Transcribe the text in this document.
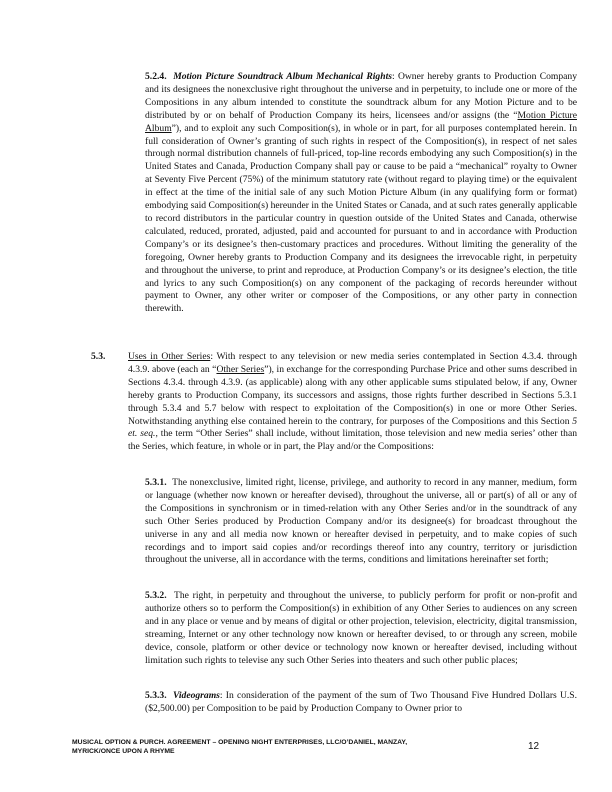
5.2.4. Motion Picture Soundtrack Album Mechanical Rights: Owner hereby grants to Production Company and its designees the nonexclusive right throughout the universe and in perpetuity, to include one or more of the Compositions in any album intended to constitute the soundtrack album for any Motion Picture and to be distributed by or on behalf of Production Company its heirs, licensees and/or assigns (the “Motion Picture Album”), and to exploit any such Composition(s), in whole or in part, for all purposes contemplated herein. In full consideration of Owner’s granting of such rights in respect of the Composition(s), in respect of net sales through normal distribution channels of full-priced, top-line records embodying any such Composition(s) in the United States and Canada, Production Company shall pay or cause to be paid a “mechanical” royalty to Owner at Seventy Five Percent (75%) of the minimum statutory rate (without regard to playing time) or the equivalent in effect at the time of the initial sale of any such Motion Picture Album (in any qualifying form or format) embodying said Composition(s) hereunder in the United States or Canada, and at such rates generally applicable to record distributors in the particular country in question outside of the United States and Canada, otherwise calculated, reduced, prorated, adjusted, paid and accounted for pursuant to and in accordance with Production Company’s or its designee’s then-customary practices and procedures. Without limiting the generality of the foregoing, Owner hereby grants to Production Company and its designees the irrevocable right, in perpetuity and throughout the universe, to print and reproduce, at Production Company’s or its designee’s election, the title and lyrics to any such Composition(s) on any component of the packaging of records hereunder without payment to Owner, any other writer or composer of the Compositions, or any other party in connection therewith.

5.3. Uses in Other Series: With respect to any television or new media series contemplated in Section 4.3.4. through 4.3.9. above (each an “Other Series”), in exchange for the corresponding Purchase Price and other sums described in Sections 4.3.4. through 4.3.9. (as applicable) along with any other applicable sums stipulated below, if any, Owner hereby grants to Production Company, its successors and assigns, those rights further described in Sections 5.3.1 through 5.3.4 and 5.7 below with respect to exploitation of the Composition(s) in one or more Other Series. Notwithstanding anything else contained herein to the contrary, for purposes of the Compositions and this Section 5 et. seq., the term “Other Series” shall include, without limitation, those television and new media series’ other than the Series, which feature, in whole or in part, the Play and/or the Compositions:

5.3.1. The nonexclusive, limited right, license, privilege, and authority to record in any manner, medium, form or language (whether now known or hereafter devised), throughout the universe, all or part(s) of all or any of the Compositions in synchronism or in timed-relation with any Other Series and/or in the soundtrack of any such Other Series produced by Production Company and/or its designee(s) for broadcast throughout the universe in any and all media now known or hereafter devised in perpetuity, and to make copies of such recordings and to import said copies and/or recordings thereof into any country, territory or jurisdiction throughout the universe, all in accordance with the terms, conditions and limitations hereinafter set forth;

5.3.2. The right, in perpetuity and throughout the universe, to publicly perform for profit or non-profit and authorize others so to perform the Composition(s) in exhibition of any Other Series to audiences on any screen and in any place or venue and by means of digital or other projection, television, electricity, digital transmission, streaming, Internet or any other technology now known or hereafter devised, to or through any screen, mobile device, console, platform or other device or technology now known or hereafter devised, including without limitation such rights to televise any such Other Series into theaters and such other public places;

5.3.3. Videograms: In consideration of the payment of the sum of Two Thousand Five Hundred Dollars U.S.($2,500.00) per Composition to be paid by Production Company to Owner prior to

MUSICAL OPTION & PURCH. AGREEMENT – OPENING NIGHT ENTERPRISES, LLC/O’DANIEL, MANZAY,
MYRICK/ONCE UPON A RHYME	12
